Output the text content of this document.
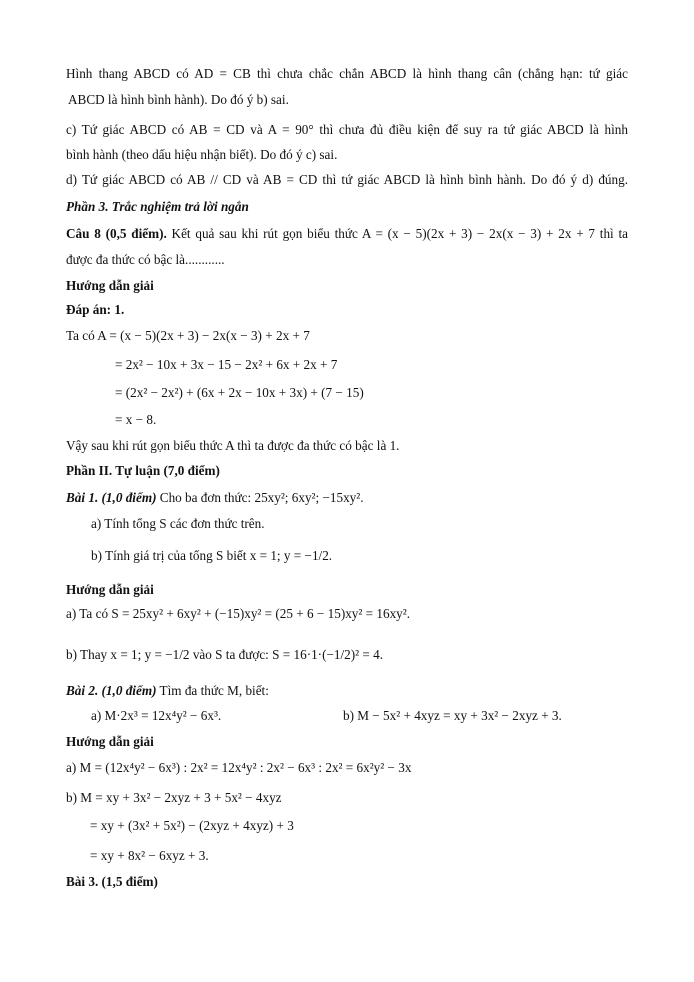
Hình thang ABCD có AD = CB thì chưa chắc chắn ABCD là hình thang cân (chẳng hạn: tứ giác
ABCD là hình bình hành). Do đó ý b) sai.
c) Tứ giác ABCD có AB = CD và A = 90° thì chưa đủ điều kiện để suy ra tứ giác ABCD là hình
bình hành (theo dấu hiệu nhận biết). Do đó ý c) sai.
d) Tứ giác ABCD có AB // CD và AB = CD thì tứ giác ABCD là hình bình hành. Do đó ý d) đúng.
Phần 3. Trắc nghiệm trả lời ngắn
Câu 8 (0,5 điểm). Kết quả sau khi rút gọn biểu thức A = (x − 5)(2x + 3) − 2x(x − 3) + 2x + 7 thì ta
được đa thức có bậc là............
Hướng dẫn giải
Đáp án: 1.
Ta có A = (x − 5)(2x + 3) − 2x(x − 3) + 2x + 7
= 2x² − 10x + 3x − 15 − 2x² + 6x + 2x + 7
= (2x² − 2x²) + (6x + 2x − 10x + 3x) + (7 − 15)
= x − 8.
Vậy sau khi rút gọn biểu thức A thì ta được đa thức có bậc là 1.
Phần II. Tự luận (7,0 điểm)
Bài 1. (1,0 điểm) Cho ba đơn thức: 25xy²; 6xy²; −15xy².
a) Tính tổng S các đơn thức trên.
b) Tính giá trị của tổng S biết x = 1; y = −1/2.
Hướng dẫn giải
a) Ta có S = 25xy² + 6xy² + (−15)xy² = (25 + 6 − 15)xy² = 16xy².
b) Thay x = 1; y = −1/2 vào S ta được: S = 16·1·(−1/2)² = 4.
Bài 2. (1,0 điểm) Tìm đa thức M, biết:
a) M·2x³ = 12x⁴y² − 6x³.	b) M − 5x² + 4xyz = xy + 3x² − 2xyz + 3.
Hướng dẫn giải
a) M = (12x⁴y² − 6x³) : 2x² = 12x⁴y² : 2x² − 6x³ : 2x² = 6x²y² − 3x
b) M = xy + 3x² − 2xyz + 3 + 5x² − 4xyz
= xy + (3x² + 5x²) − (2xyz + 4xyz) + 3
= xy + 8x² − 6xyz + 3.
Bài 3. (1,5 điểm)
